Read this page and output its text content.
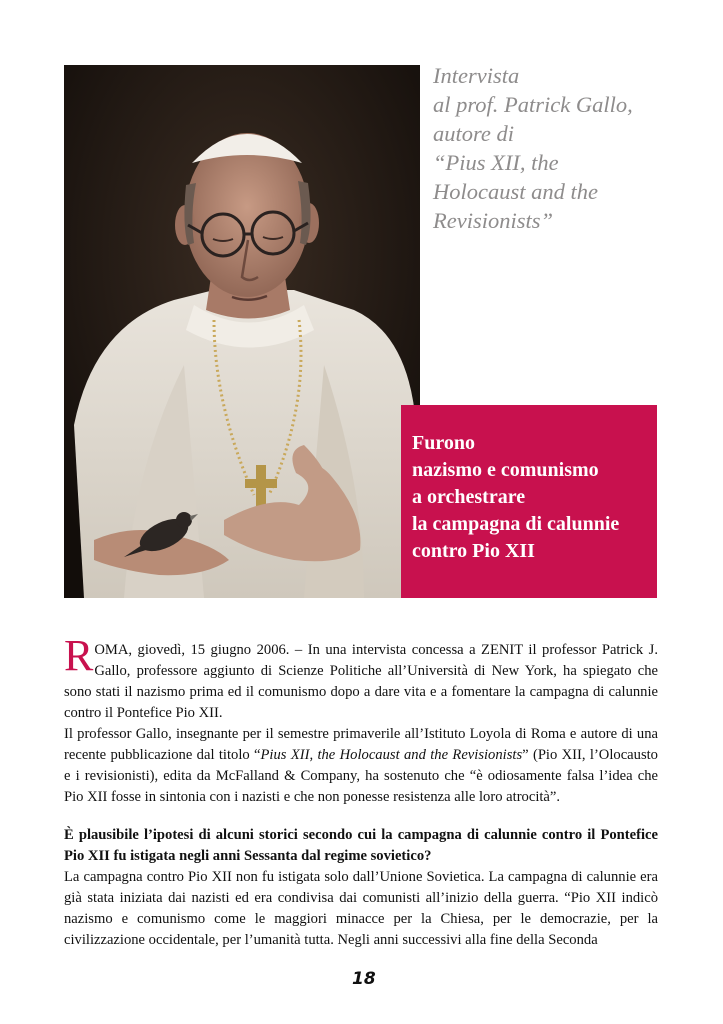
Intervista
al prof. Patrick Gallo,
autore di
“Pius XII, the
Holocaust and the
Revisionists”
Furono
nazismo e comunismo
a orchestrare
la campagna di calunnie
contro Pio XII

ROMA, giovedì, 15 giugno 2006. – In una intervista concessa a ZENIT il professor Patrick J. Gallo, professore aggiunto di Scienze Politiche all’Università di New York, ha spiegato che sono stati il nazismo prima ed il comunismo dopo a dare vita e a fomentare la campagna di calunnie contro il Pontefice Pio XII.

Il professor Gallo, insegnante per il semestre primaverile all’Istituto Loyola di Roma e autore di una recente pubblicazione dal titolo “Pius XII, the Holocaust and the Revisionists” (Pio XII, l’Olocausto e i revisionisti), edita da McFalland & Company, ha sostenuto che “è odiosamente falsa l’idea che Pio XII fosse in sintonia con i nazisti e che non ponesse resistenza alle loro atrocità”.

È plausibile l’ipotesi di alcuni storici secondo cui la campagna di calunnie contro il Pontefice Pio XII fu istigata negli anni Sessanta dal regime sovietico?

La campagna contro Pio XII non fu istigata solo dall’Unione Sovietica. La campagna di calunnie era già stata iniziata dai nazisti ed era condivisa dai comunisti all’inizio della guerra. “Pio XII indicò nazismo e comunismo come le maggiori minacce per la Chiesa, per le democrazie, per la civilizzazione occidentale, per l’umanità tutta. Negli anni successivi alla fine della Seconda

18
